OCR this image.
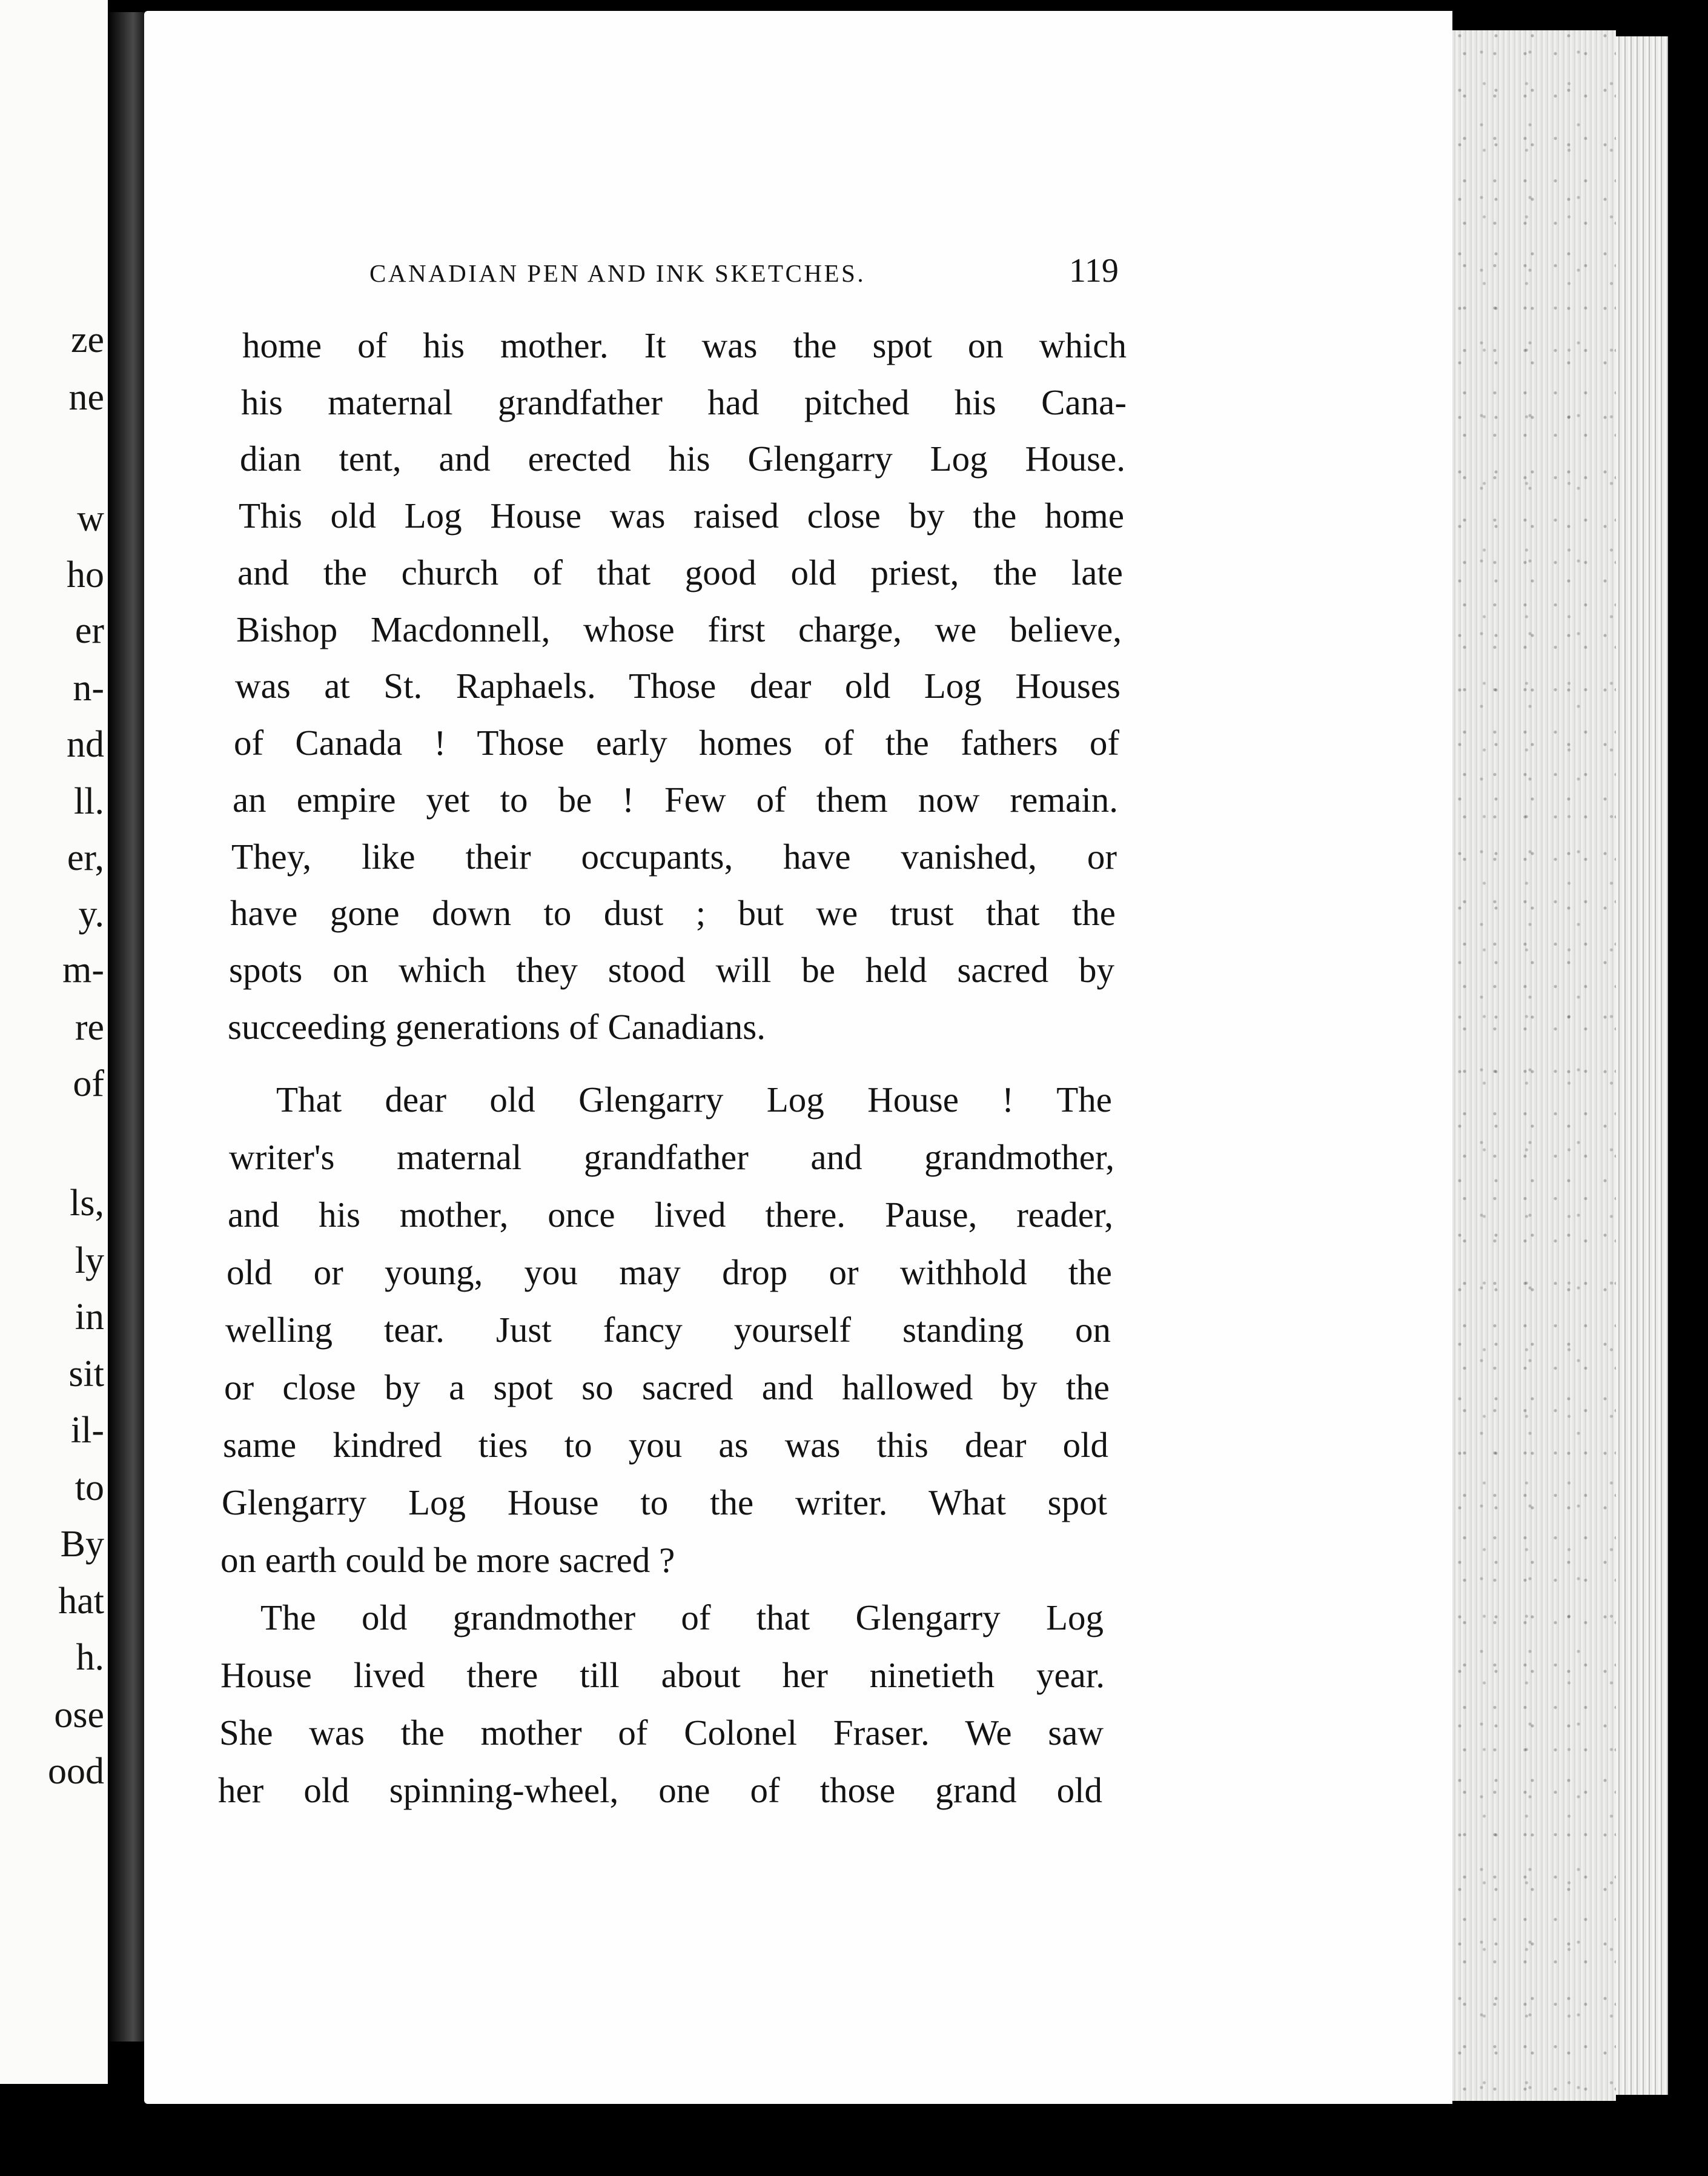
ze
ne
w
ho
er
n-
nd
ll.
er,
y.
m-
re
of
ls,
ly
in
sit
il-
to
By
hat
h.
ose
ood
CANADIAN PEN AND INK SKETCHES.	119
home of his mother. It was the spot on which
his maternal grandfather had pitched his Cana-
dian tent, and erected his Glengarry Log House.
This old Log House was raised close by the home
and the church of that good old priest, the late
Bishop Macdonnell, whose first charge, we believe,
was at St. Raphaels. Those dear old Log Houses
of Canada ! Those early homes of the fathers of
an empire yet to be ! Few of them now remain.
They, like their occupants, have vanished, or
have gone down to dust ; but we trust that the
spots on which they stood will be held sacred by
succeeding generations of Canadians.
That dear old Glengarry Log House ! The
writer's maternal grandfather and grandmother,
and his mother, once lived there. Pause, reader,
old or young, you may drop or withhold the
welling tear. Just fancy yourself standing on
or close by a spot so sacred and hallowed by the
same kindred ties to you as was this dear old
Glengarry Log House to the writer. What spot
on earth could be more sacred ?
The old grandmother of that Glengarry Log
House lived there till about her ninetieth year.
She was the mother of Colonel Fraser. We saw
her old spinning-wheel, one of those grand old
